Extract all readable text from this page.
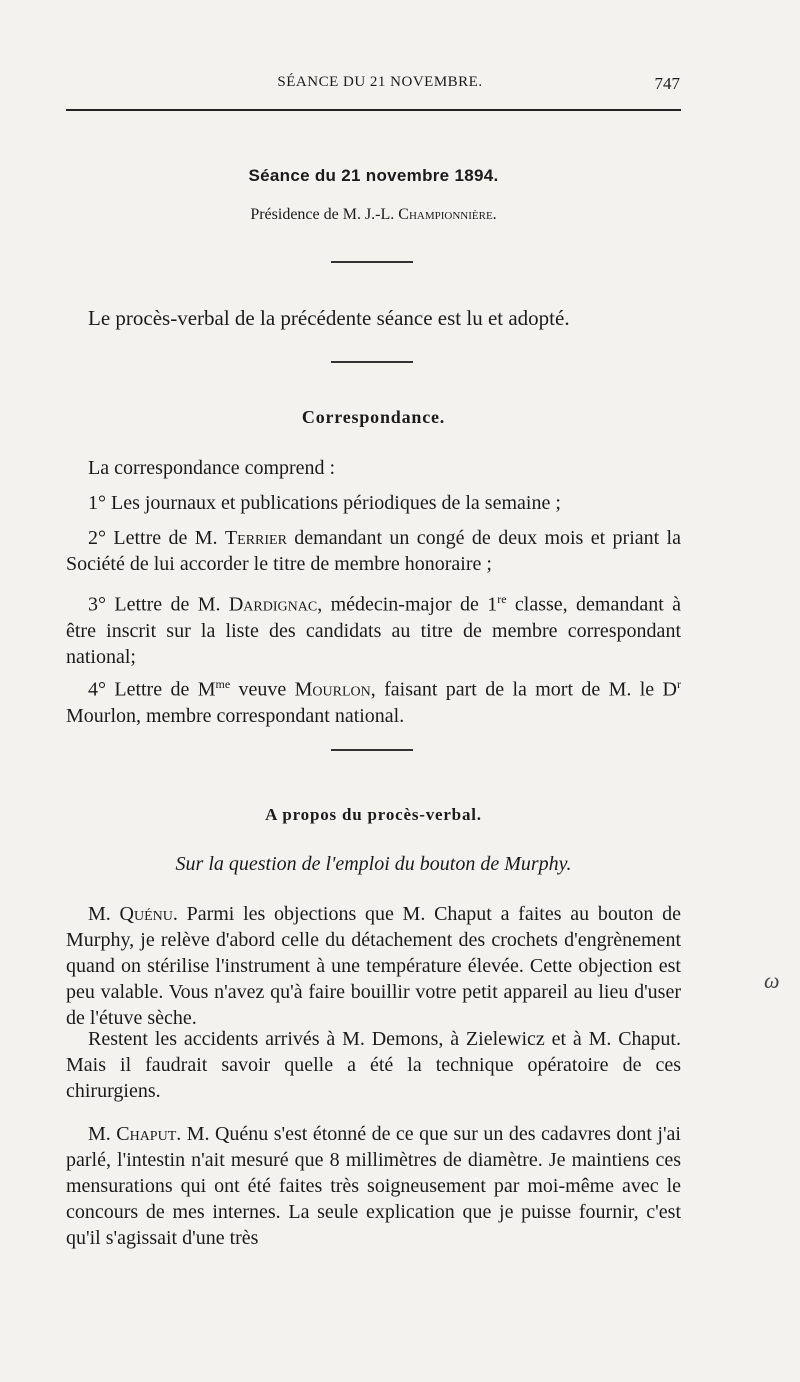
SÉANCE DU 21 NOVEMBRE.	747
Séance du 21 novembre 1894.
Présidence de M. J.-L. Championnière.

Le procès-verbal de la précédente séance est lu et adopté.

Correspondance.

La correspondance comprend :

1° Les journaux et publications périodiques de la semaine ;

2° Lettre de M. Terrier demandant un congé de deux mois et priant la Société de lui accorder le titre de membre honoraire ;

3° Lettre de M. Dardignac, médecin-major de 1re classe, demandant à être inscrit sur la liste des candidats au titre de membre correspondant national;

4° Lettre de $M^{me}$ veuve Mourlon, faisant part de la mort de M. le $D^r$ Mourlon, membre correspondant national.

A propos du procès-verbal.
Sur la question de l'emploi du bouton de Murphy.

M. Quénu. Parmi les objections que M. Chaput a faites au bouton de Murphy, je relève d'abord celle du détachement des crochets d'engrènement quand on stérilise l'instrument à une température élevée. Cette objection est peu valable. Vous n'avez qu'à faire bouillir votre petit appareil au lieu d'user de l'étuve sèche.

Restent les accidents arrivés à M. Demons, à Zielewicz et à M. Chaput. Mais il faudrait savoir quelle a été la technique opératoire de ces chirurgiens.

M. Chaput. M. Quénu s'est étonné de ce que sur un des cadavres dont j'ai parlé, l'intestin n'ait mesuré que 8 millimètres de diamètre. Je maintiens ces mensurations qui ont été faites très soigneusement par moi-même avec le concours de mes internes. La seule explication que je puisse fournir, c'est qu'il s'agissait d'une très

ω
